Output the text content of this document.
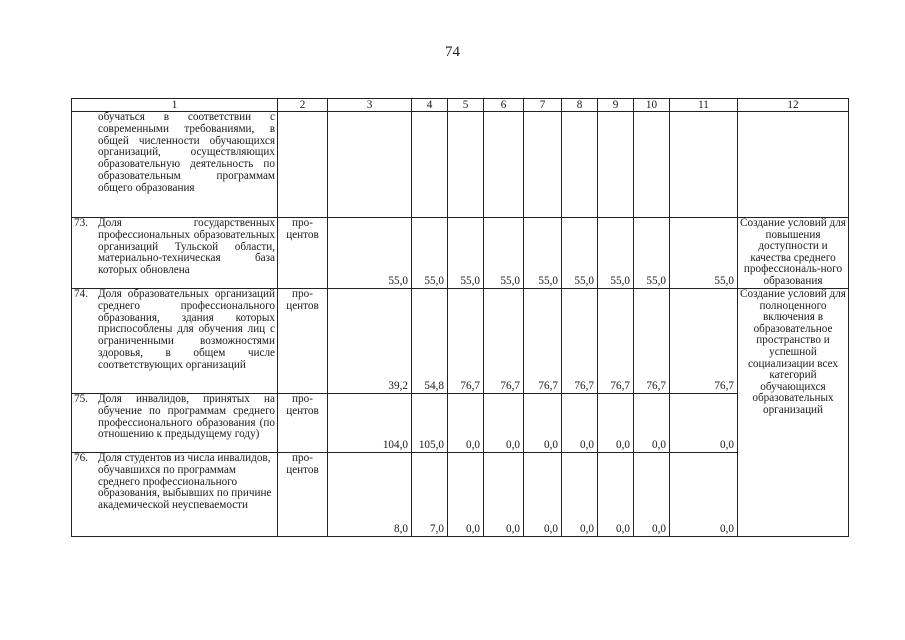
74
1	2	3	4	5	6	7	8	9	10	11	12
обучаться в соответствии с современными требованиями, в общей численности обучающихся организаций, осуществляющих образовательную деятельность по образовательным программам общего образования											

73. Доля государственных профессиональных образовательных организаций Тульской области, материально-техническая база которых обновлена	про-центов	55,0	55,0	55,0	55,0	55,0	55,0	55,0	55,0	55,0	Создание условий для повышения доступности и качества среднего профессиональ-ного образования

74. Доля образовательных организаций среднего профессионального образования, здания которых приспособлены для обучения лиц с ограниченными возможностями здоровья, в общем числе соответствующих организаций	про-центов	39,2	54,8	76,7	76,7	76,7	76,7	76,7	76,7	76,7	Создание условий для полноценного включения в образовательное пространство и успешной социализации всех категорий обучающихся образовательных организаций

75. Доля инвалидов, принятых на обучение по программам среднего профессионального образования (по отношению к предыдущему году)	про-центов	104,0	105,0	0,0	0,0	0,0	0,0	0,0	0,0	0,0	

76. Доля студентов из числа инвалидов, обучавшихся по программам среднего профессионального образования, выбывших по причине академической неуспеваемости	про-центов	8,0	7,0	0,0	0,0	0,0	0,0	0,0	0,0	0,0	
